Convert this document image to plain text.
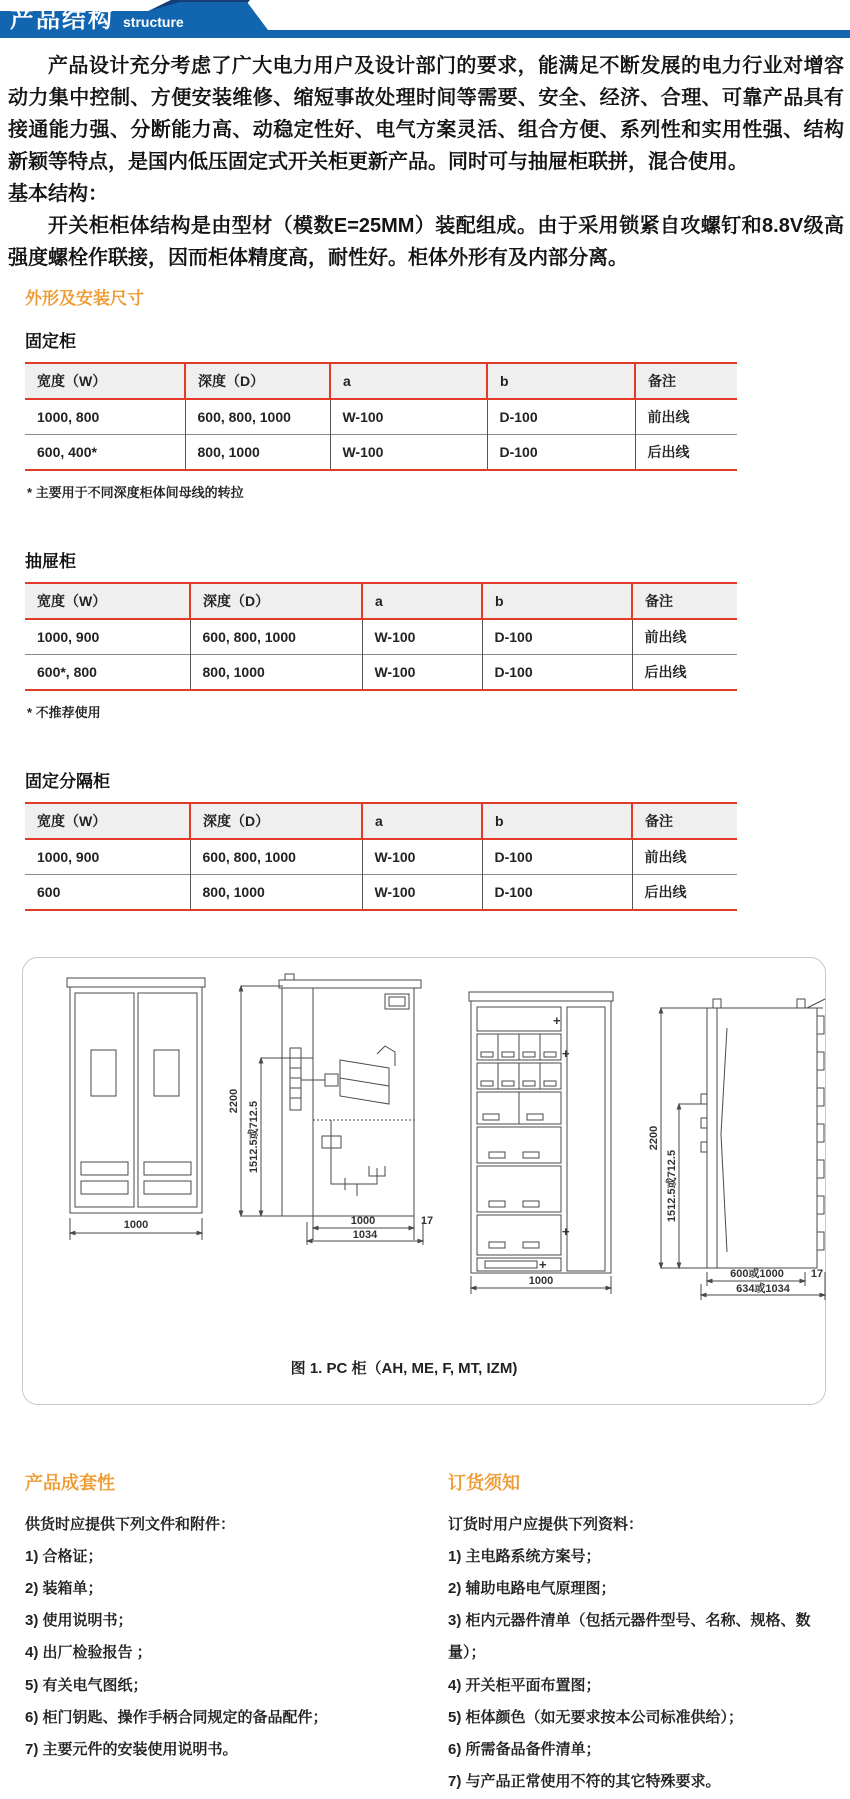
产品结构 structure

产品设计充分考虑了广大电力用户及设计部门的要求，能满足不断发展的电力行业对增容动力集中控制、方便安装维修、缩短事故处理时间等需要、安全、经济、合理、可靠产品具有接通能力强、分断能力高、动稳定性好、电气方案灵活、组合方便、系列性和实用性强、结构新颖等特点，是国内低压固定式开关柜更新产品。同时可与抽屉柜联拼，混合使用。

基本结构：

开关柜柜体结构是由型材（模数E=25MM）装配组成。由于采用锁紧自攻螺钉和8.8V级高强度螺栓作联接，因而柜体精度高，耐性好。柜体外形有及内部分离。

外形及安装尺寸
固定柜
宽度（W）	深度（D）	a	b	备注
1000, 800	600, 800, 1000	W-100	D-100	前出线
600, 400*	800, 1000	W-100	D-100	后出线

* 主要用于不同深度柜体间母线的转拉

抽屉柜
宽度（W）	深度（D）	a	b	备注
1000, 900	600, 800, 1000	W-100	D-100	前出线
600*, 800	800, 1000	W-100	D-100	后出线

* 不推荐使用

固定分隔柜
宽度（W）	深度（D）	a	b	备注
1000, 900	600, 800, 1000	W-100	D-100	前出线
600	800, 1000	W-100	D-100	后出线
1000
2200 1512.5或712.5
1000	17
1034
+
+
+
+
1000
2200
1512.5或712.5
600或1000 17
634或1034
图 1. PC 柜（AH, ME, F, MT, IZM)
产品成套性

供货时应提供下列文件和附件：

1) 合格证；
2) 装箱单；
3) 使用说明书；
4) 出厂检验报告 ；
5) 有关电气图纸；
6) 柜门钥匙、操作手柄合同规定的备品配件；
7) 主要元件的安装使用说明书。
订货须知

订货时用户应提供下列资料：

1) 主电路系统方案号；
2) 辅助电路电气原理图；
3) 柜内元器件清单（包括元器件型号、名称、规格、数量）；
4) 开关柜平面布置图；
5) 柜体颜色（如无要求按本公司标准供给）；
6) 所需备品备件清单；
7) 与产品正常使用不符的其它特殊要求。
